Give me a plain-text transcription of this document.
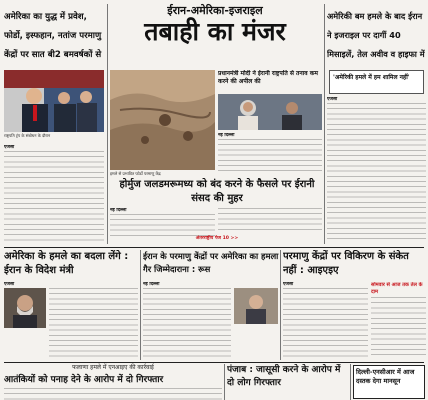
अमेरिका का युद्ध में प्रवेश, फोर्डो, इस्फहान, नतांज परमाणु केंद्रों पर सात बी2 बमवर्षकों से
राष्ट्रपति ट्रंप के संबोधन के दौरान
एजेंसी
ईरान-अमेरिका-इजराइल
तबाही का मंजर
हमले से प्रभावित फोर्डो परमाणु केंद्र
प्रधानमंत्री मोदी ने ईरानी राष्ट्रपति से तनाव कम करने की अपील की
नई दिल्ली
होर्मुज जलडमरूमध्य को बंद करने के फैसले पर ईरानी संसद की मुहर
नई दिल्ली
अंतरराष्ट्रीय पेज 10 >>
अमेरिकी बम हमले के बाद ईरान ने इजराइल पर दागीं 40 मिसाइलें, तेल अवीव व हाइफा में
'अमेरिकी हमले में हम शामिल नहीं'
एजेंसी
अमेरिका के हमले का बदला लेंगे : ईरान के विदेश मंत्री
ईरान के परमाणु केंद्रों पर अमेरिका का हमला गैर जिम्मेदाराना : रूस
परमाणु केंद्रों पर विकिरण के संकेत नहीं : आइएइए
एजेंसी	नई दिल्ली	एजेंसी	सोमवार से आज तक तेल के दाम
फलाणा हमले में एनआइए की कार्रवाई
आतंकियों को पनाह देने के आरोप में दो गिरफ्तार
पंजाब : जासूसी करने के आरोप में दो लोग गिरफ्तार
दिल्ली-एनसीआर में आज दस्तक देगा मानसून
